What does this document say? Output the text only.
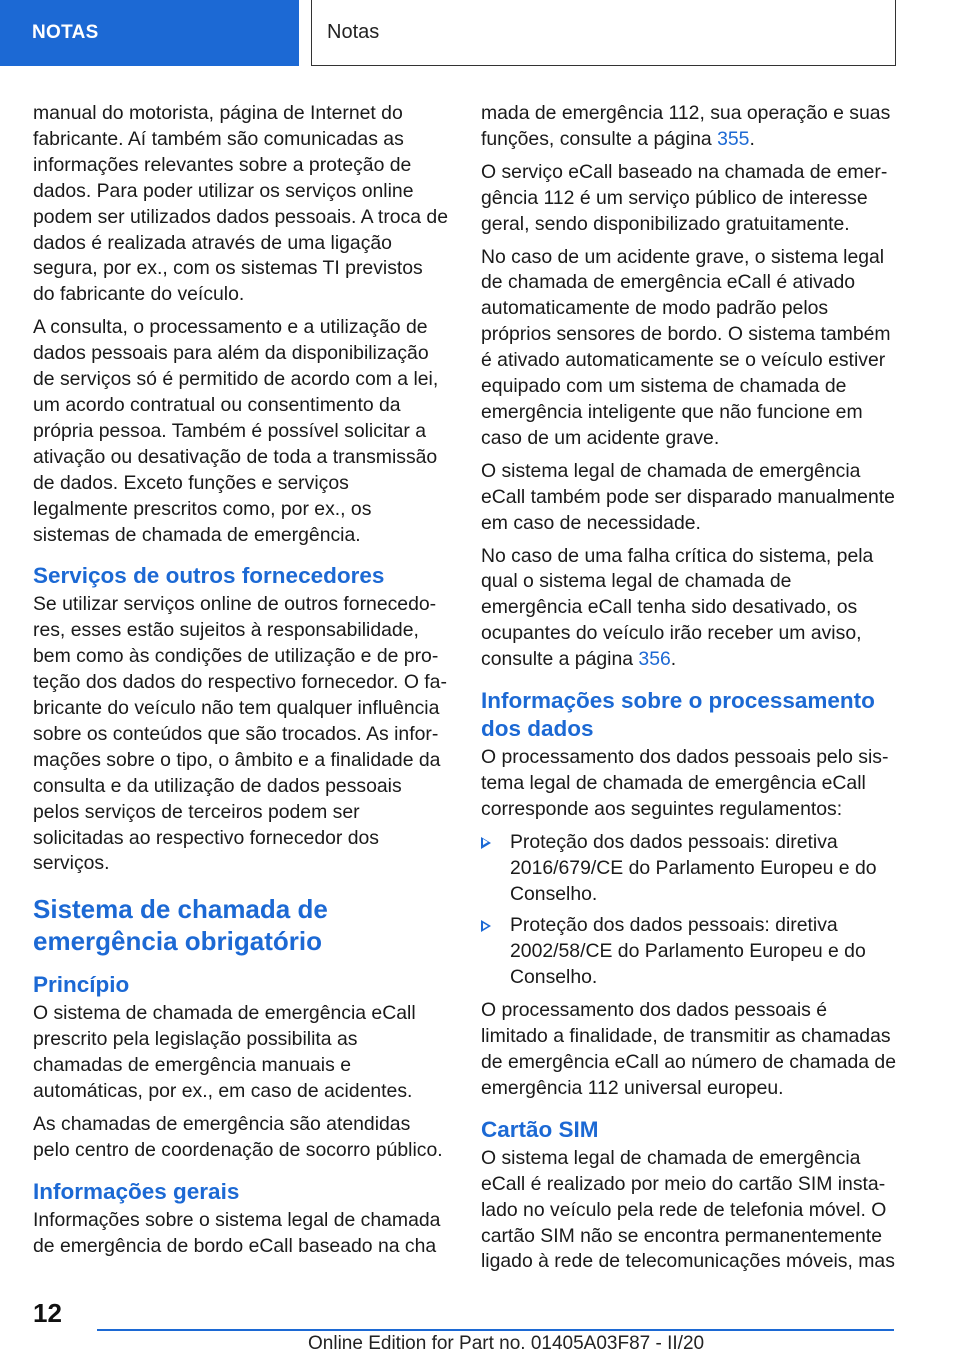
NOTAS	Notas

manual do motorista, página de Internet do fabricante. Aí também são comunicadas as informações relevantes sobre a proteção de dados. Para poder utilizar os serviços online podem ser utilizados dados pessoais. A troca de dados é realizada através de uma ligação segura, por ex., com os sistemas TI previstos do fabricante do veículo.

A consulta, o processamento e a utilização de dados pessoais para além da disponibilização de serviços só é permitido de acordo com a lei, um acordo contratual ou consentimento da própria pessoa. Também é possível solicitar a ativação ou desativação de toda a transmissão de dados. Exceto funções e serviços legalmente prescritos como, por ex., os sistemas de chamada de emergência.

Serviços de outros fornecedores

Se utilizar serviços online de outros fornecedores, esses estão sujeitos à responsabilidade, bem como às condições de utilização e de proteção dos dados do respectivo fornecedor. O fabricante do veículo não tem qualquer influência sobre os conteúdos que são trocados. As informações sobre o tipo, o âmbito e a finalidade da consulta e da utilização de dados pessoais pelos serviços de terceiros podem ser solicitadas ao respectivo fornecedor dos serviços.

Sistema de chamada de emergência obrigatório
Princípio

O sistema de chamada de emergência eCall prescrito pela legislação possibilita as chamadas de emergência manuais e automáticas, por ex., em caso de acidentes.

As chamadas de emergência são atendidas pelo centro de coordenação de socorro público.

Informações gerais

Informações sobre o sistema legal de chamada de emergência de bordo eCall baseado na cha

mada de emergência 112, sua operação e suas funções, consulte a página 355.

O serviço eCall baseado na chamada de emergência 112 é um serviço público de interesse geral, sendo disponibilizado gratuitamente.

No caso de um acidente grave, o sistema legal de chamada de emergência eCall é ativado automaticamente de modo padrão pelos próprios sensores de bordo. O sistema também é ativado automaticamente se o veículo estiver equipado com um sistema de chamada de emergência inteligente que não funcione em caso de um acidente grave.

O sistema legal de chamada de emergência eCall também pode ser disparado manualmente em caso de necessidade.

No caso de uma falha crítica do sistema, pela qual o sistema legal de chamada de emergência eCall tenha sido desativado, os ocupantes do veículo irão receber um aviso, consulte a página 356.

Informações sobre o processamento dos dados

O processamento dos dados pessoais pelo sistema legal de chamada de emergência eCall corresponde aos seguintes regulamentos:

Proteção dos dados pessoais: diretiva 2016/679/CE do Parlamento Europeu e do Conselho.
Proteção dos dados pessoais: diretiva 2002/58/CE do Parlamento Europeu e do Conselho.

O processamento dos dados pessoais é limitado a finalidade, de transmitir as chamadas de emergência eCall ao número de chamada de emergência 112 universal europeu.

Cartão SIM

O sistema legal de chamada de emergência eCall é realizado por meio do cartão SIM instalado no veículo pela rede de telefonia móvel. O cartão SIM não se encontra permanentemente ligado à rede de telecomunicações móveis, mas

12
Online Edition for Part no. 01405A03F87 - II/20
